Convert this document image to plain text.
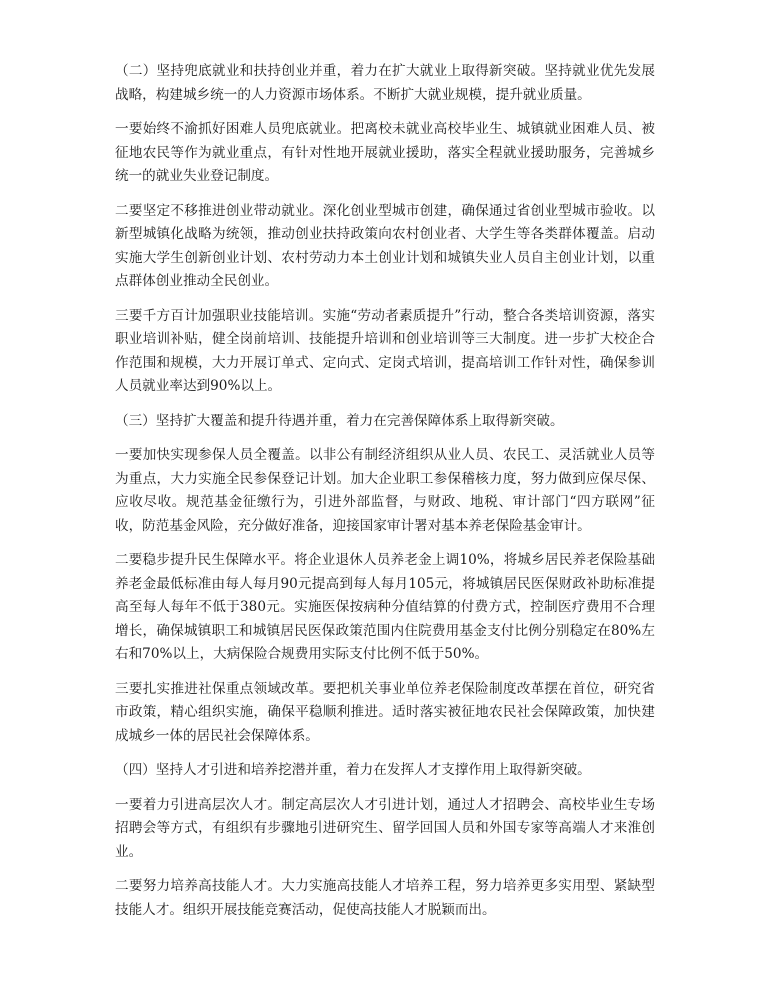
（二）坚持兜底就业和扶持创业并重，着力在扩大就业上取得新突破。坚持就业优先发展战略，构建城乡统一的人力资源市场体系。不断扩大就业规模，提升就业质量。

一要始终不渝抓好困难人员兜底就业。把离校未就业高校毕业生、城镇就业困难人员、被征地农民等作为就业重点，有针对性地开展就业援助，落实全程就业援助服务，完善城乡统一的就业失业登记制度。

二要坚定不移推进创业带动就业。深化创业型城市创建，确保通过省创业型城市验收。以新型城镇化战略为统领，推动创业扶持政策向农村创业者、大学生等各类群体覆盖。启动实施大学生创新创业计划、农村劳动力本土创业计划和城镇失业人员自主创业计划，以重点群体创业推动全民创业。

三要千方百计加强职业技能培训。实施“劳动者素质提升”行动，整合各类培训资源，落实职业培训补贴，健全岗前培训、技能提升培训和创业培训等三大制度。进一步扩大校企合作范围和规模，大力开展订单式、定向式、定岗式培训，提高培训工作针对性，确保参训人员就业率达到90%以上。

（三）坚持扩大覆盖和提升待遇并重，着力在完善保障体系上取得新突破。

一要加快实现参保人员全覆盖。以非公有制经济组织从业人员、农民工、灵活就业人员等为重点，大力实施全民参保登记计划。加大企业职工参保稽核力度，努力做到应保尽保、应收尽收。规范基金征缴行为，引进外部监督，与财政、地税、审计部门“四方联网”征收，防范基金风险，充分做好准备，迎接国家审计署对基本养老保险基金审计。

二要稳步提升民生保障水平。将企业退休人员养老金上调10%，将城乡居民养老保险基础养老金最低标准由每人每月90元提高到每人每月105元，将城镇居民医保财政补助标准提高至每人每年不低于380元。实施医保按病种分值结算的付费方式，控制医疗费用不合理增长，确保城镇职工和城镇居民医保政策范围内住院费用基金支付比例分别稳定在80%左右和70%以上，大病保险合规费用实际支付比例不低于50%。

三要扎实推进社保重点领域改革。要把机关事业单位养老保险制度改革摆在首位，研究省市政策，精心组织实施，确保平稳顺利推进。适时落实被征地农民社会保障政策，加快建成城乡一体的居民社会保障体系。

（四）坚持人才引进和培养挖潜并重，着力在发挥人才支撑作用上取得新突破。

一要着力引进高层次人才。制定高层次人才引进计划，通过人才招聘会、高校毕业生专场招聘会等方式，有组织有步骤地引进研究生、留学回国人员和外国专家等高端人才来淮创业。

二要努力培养高技能人才。大力实施高技能人才培养工程，努力培养更多实用型、紧缺型技能人才。组织开展技能竞赛活动，促使高技能人才脱颖而出。
